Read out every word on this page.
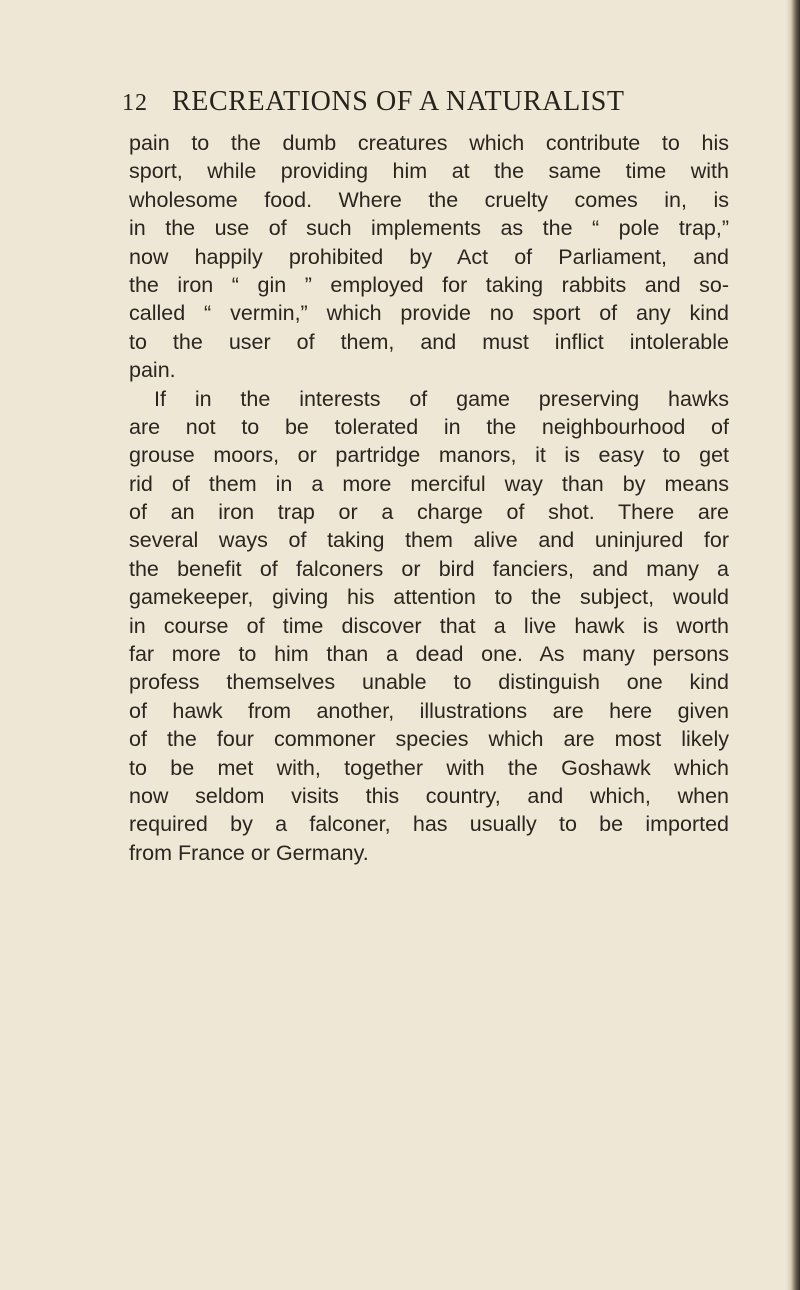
12 RECREATIONS OF A NATURALIST
pain to the dumb creatures which contribute to his
sport, while providing him at the same time with
wholesome food. Where the cruelty comes in, is
in the use of such implements as the “ pole trap,”
now happily prohibited by Act of Parliament, and
the iron “ gin ” employed for taking rabbits and so-
called “ vermin,” which provide no sport of any kind
to the user of them, and must inflict intolerable
pain.
If in the interests of game preserving hawks
are not to be tolerated in the neighbourhood of
grouse moors, or partridge manors, it is easy to get
rid of them in a more merciful way than by means
of an iron trap or a charge of shot. There are
several ways of taking them alive and uninjured for
the benefit of falconers or bird fanciers, and many a
gamekeeper, giving his attention to the subject, would
in course of time discover that a live hawk is worth
far more to him than a dead one. As many persons
profess themselves unable to distinguish one kind
of hawk from another, illustrations are here given
of the four commoner species which are most likely
to be met with, together with the Goshawk which
now seldom visits this country, and which, when
required by a falconer, has usually to be imported
from France or Germany.
